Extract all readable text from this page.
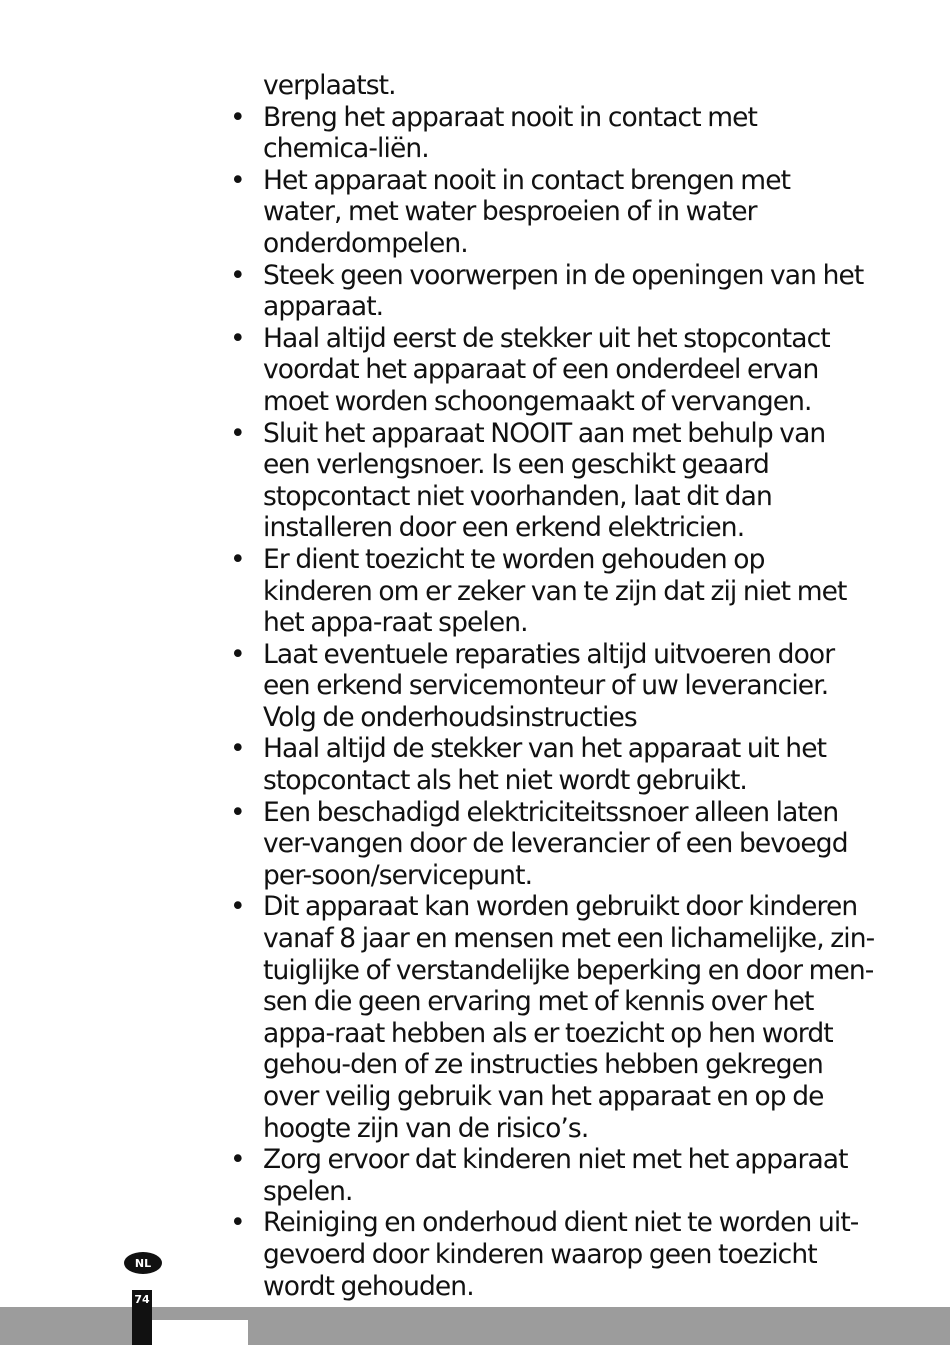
verplaatst.

• Breng het apparaat nooit in contact met chemica-liën.
• Het apparaat nooit in contact brengen met water, met water besproeien of in water onderdompelen.
• Steek geen voorwerpen in de openingen van het apparaat.
• Haal altijd eerst de stekker uit het stopcontact voordat het apparaat of een onderdeel ervan moet worden schoongemaakt of vervangen.
• Sluit het apparaat NOOIT aan met behulp van een verlengsnoer. Is een geschikt geaard stopcontact niet voorhanden, laat dit dan installeren door een erkend elektricien.
• Er dient toezicht te worden gehouden op kinderen om er zeker van te zijn dat zij niet met het appa-raat spelen.
• Laat eventuele reparaties altijd uitvoeren door een erkend servicemonteur of uw leverancier. Volg de onderhoudsinstructies
• Haal altijd de stekker van het apparaat uit het stopcontact als het niet wordt gebruikt.
• Een beschadigd elektriciteitssnoer alleen laten ver-vangen door de leverancier of een bevoegd per-soon/servicepunt.
• Dit apparaat kan worden gebruikt door kinderen vanaf 8 jaar en mensen met een lichamelijke, zin-tuiglijke of verstandelijke beperking en door men-sen die geen ervaring met of kennis over het appa-raat hebben als er toezicht op hen wordt gehou-den of ze instructies hebben gekregen over veilig gebruik van het apparaat en op de hoogte zijn van de risico’s.
• Zorg ervoor dat kinderen niet met het apparaat spelen.
• Reiniging en onderhoud dient niet te worden uit-gevoerd door kinderen waarop geen toezicht wordt gehouden.
NL
74
